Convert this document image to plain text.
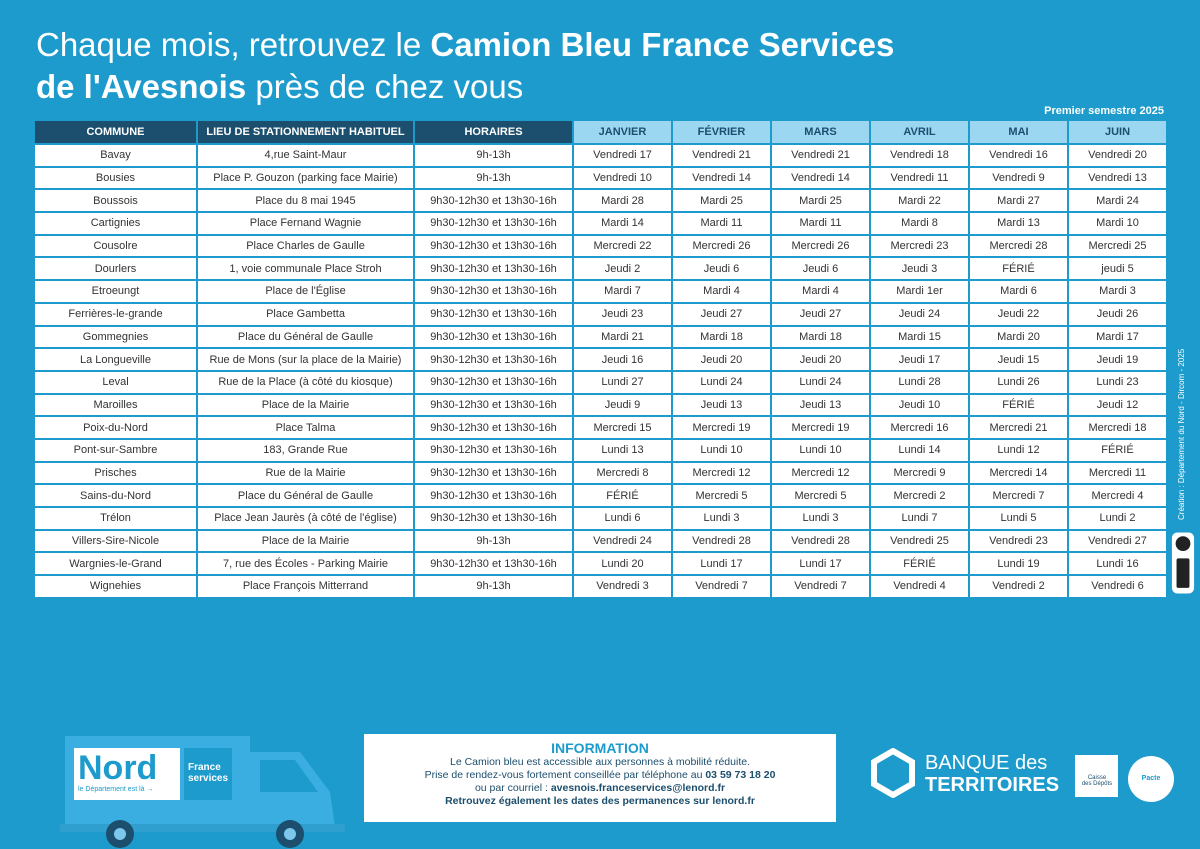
Chaque mois, retrouvez le Camion Bleu France Services
de l'Avesnois près de chez vous
Premier semestre 2025
COMMUNE	LIEU DE STATIONNEMENT HABITUEL	HORAIRES	JANVIER	FÉVRIER	MARS	AVRIL	MAI	JUIN
Bavay	4,rue Saint-Maur	9h-13h	Vendredi 17	Vendredi 21	Vendredi 21	Vendredi 18	Vendredi 16	Vendredi 20
Bousies	Place P. Gouzon (parking face Mairie)	9h-13h	Vendredi 10	Vendredi 14	Vendredi 14	Vendredi 11	Vendredi 9	Vendredi 13
Boussois	Place du 8 mai 1945	9h30-12h30 et 13h30-16h	Mardi 28	Mardi 25	Mardi 25	Mardi 22	Mardi 27	Mardi 24
Cartignies	Place Fernand Wagnie	9h30-12h30 et 13h30-16h	Mardi 14	Mardi 11	Mardi 11	Mardi 8	Mardi 13	Mardi 10
Cousolre	Place Charles de Gaulle	9h30-12h30 et 13h30-16h	Mercredi 22	Mercredi 26	Mercredi 26	Mercredi 23	Mercredi 28	Mercredi 25
Dourlers	1, voie communale Place Stroh	9h30-12h30 et 13h30-16h	Jeudi 2	Jeudi 6	Jeudi 6	Jeudi 3	FÉRIÉ	jeudi 5
Etroeungt	Place de l'Église	9h30-12h30 et 13h30-16h	Mardi 7	Mardi 4	Mardi 4	Mardi 1er	Mardi 6	Mardi 3
Ferrières-le-grande	Place Gambetta	9h30-12h30 et 13h30-16h	Jeudi 23	Jeudi 27	Jeudi 27	Jeudi 24	Jeudi 22	Jeudi 26
Gommegnies	Place du Général de Gaulle	9h30-12h30 et 13h30-16h	Mardi 21	Mardi 18	Mardi 18	Mardi 15	Mardi 20	Mardi 17
La Longueville	Rue de Mons (sur la place de la Mairie)	9h30-12h30 et 13h30-16h	Jeudi 16	Jeudi 20	Jeudi 20	Jeudi 17	Jeudi 15	Jeudi 19
Leval	Rue de la Place (à côté du kiosque)	9h30-12h30 et 13h30-16h	Lundi 27	Lundi 24	Lundi 24	Lundi 28	Lundi 26	Lundi 23
Maroilles	Place de la Mairie	9h30-12h30 et 13h30-16h	Jeudi 9	Jeudi 13	Jeudi 13	Jeudi 10	FÉRIÉ	Jeudi 12
Poix-du-Nord	Place Talma	9h30-12h30 et 13h30-16h	Mercredi 15	Mercredi 19	Mercredi 19	Mercredi 16	Mercredi 21	Mercredi 18
Pont-sur-Sambre	183, Grande Rue	9h30-12h30 et 13h30-16h	Lundi 13	Lundi 10	Lundi 10	Lundi 14	Lundi 12	FÉRIÉ
Prisches	Rue de la Mairie	9h30-12h30 et 13h30-16h	Mercredi 8	Mercredi 12	Mercredi 12	Mercredi 9	Mercredi 14	Mercredi 11
Sains-du-Nord	Place du Général de Gaulle	9h30-12h30 et 13h30-16h	FÉRIÉ	Mercredi 5	Mercredi 5	Mercredi 2	Mercredi 7	Mercredi 4
Trélon	Place Jean Jaurès (à côté de l'église)	9h30-12h30 et 13h30-16h	Lundi 6	Lundi 3	Lundi 3	Lundi 7	Lundi 5	Lundi 2
Villers-Sire-Nicole	Place de la Mairie	9h-13h	Vendredi 24	Vendredi 28	Vendredi 28	Vendredi 25	Vendredi 23	Vendredi 27
Wargnies-le-Grand	7, rue des Écoles - Parking Mairie	9h30-12h30 et 13h30-16h	Lundi 20	Lundi 17	Lundi 17	FÉRIÉ	Lundi 19	Lundi 16
Wignehies	Place François Mitterrand	9h-13h	Vendredi 3	Vendredi 7	Vendredi 7	Vendredi 4	Vendredi 2	Vendredi 6
Nord
le Département est là →
France
services
INFORMATION
Le Camion bleu est accessible aux personnes à mobilité réduite.
Prise de rendez-vous fortement conseillée par téléphone au 03 59 73 18 20
ou par courriel : avesnois.franceservices@lenord.fr
Retrouvez également les dates des permanences sur lenord.fr
Création : Département du Nord - Dircom - 2025
BANQUE des
TERRITOIRES	Caisse
des Dépôts
Pacte
